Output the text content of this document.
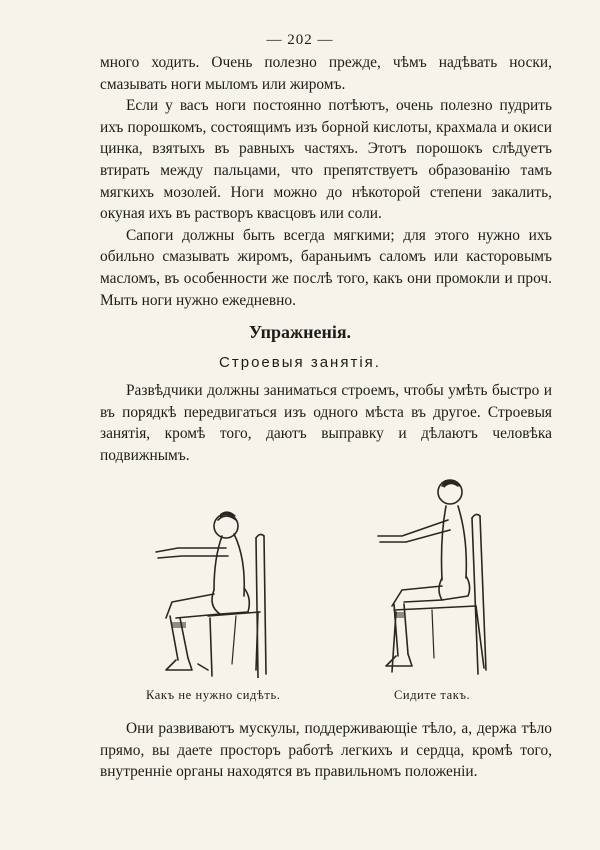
— 202 —

много ходить. Очень полезно прежде, чѣмъ надѣвать носки, смазывать ноги мыломъ или жиромъ.

Если у васъ ноги постоянно потѣютъ, очень полезно пудрить ихъ порошкомъ, состоящимъ изъ борной кислоты, крахмала и окиси цинка, взятыхъ въ равныхъ частяхъ. Этотъ порошокъ слѣдуетъ втирать между пальцами, что препятствуетъ образованію тамъ мягкихъ мозолей. Ноги можно до нѣкоторой степени закалить, окуная ихъ въ растворъ квасцовъ или соли.

Сапоги должны быть всегда мягкими; для этого нужно ихъ обильно смазывать жиромъ, бараньимъ саломъ или касторовымъ масломъ, въ особенности же послѣ того, какъ они промокли и проч. Мыть ноги нужно ежедневно.

Упражненія.
Строевыя занятія.

Развѣдчики должны заниматься строемъ, чтобы умѣть быстро и въ порядкѣ передвигаться изъ одного мѣста въ другое. Строевыя занятія, кромѣ того, даютъ выправку и дѣлаютъ человѣка подвижнымъ.

Какъ не нужно сидѣть.	Сидите такъ.

Они развиваютъ мускулы, поддерживающіе тѣло, а, держа тѣло прямо, вы даете просторъ работѣ легкихъ и сердца, кромѣ того, внутренніе органы находятся въ правильномъ положеніи.
